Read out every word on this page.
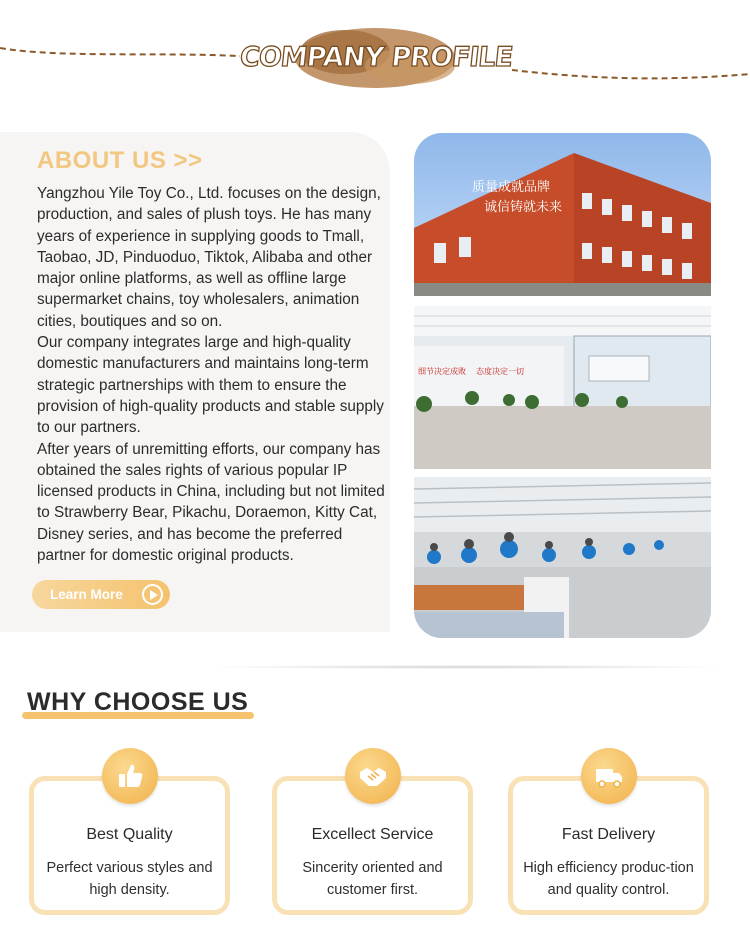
COMPANY PROFILE
ABOUT US >>

Yangzhou Yile Toy Co., Ltd. focuses on the design, production, and sales of plush toys. He has many years of experience in supplying goods to Tmall, Taobao, JD, Pinduoduo, Tiktok, Alibaba and other major online platforms, as well as offline large supermarket chains, toy wholesalers, animation cities, boutiques and so on.

Our company integrates large and high-quality domestic manufacturers and maintains long-term strategic partnerships with them to ensure the provision of high-quality products and stable supply to our partners.

After years of unremitting efforts, our company has obtained the sales rights of various popular IP licensed products in China, including but not limited to Strawberry Bear, Pikachu, Doraemon, Kitty Cat, Disney series, and has become the preferred partner for domestic original products.

Learn More
质量成就品牌
诚信铸就未来
细节决定成败 态度决定一切
WHY CHOOSE US
Best Quality
Perfect various styles and high density.
Excellect Service
Sincerity oriented and customer first.
Fast Delivery
High efficiency produc-tion and quality control.
